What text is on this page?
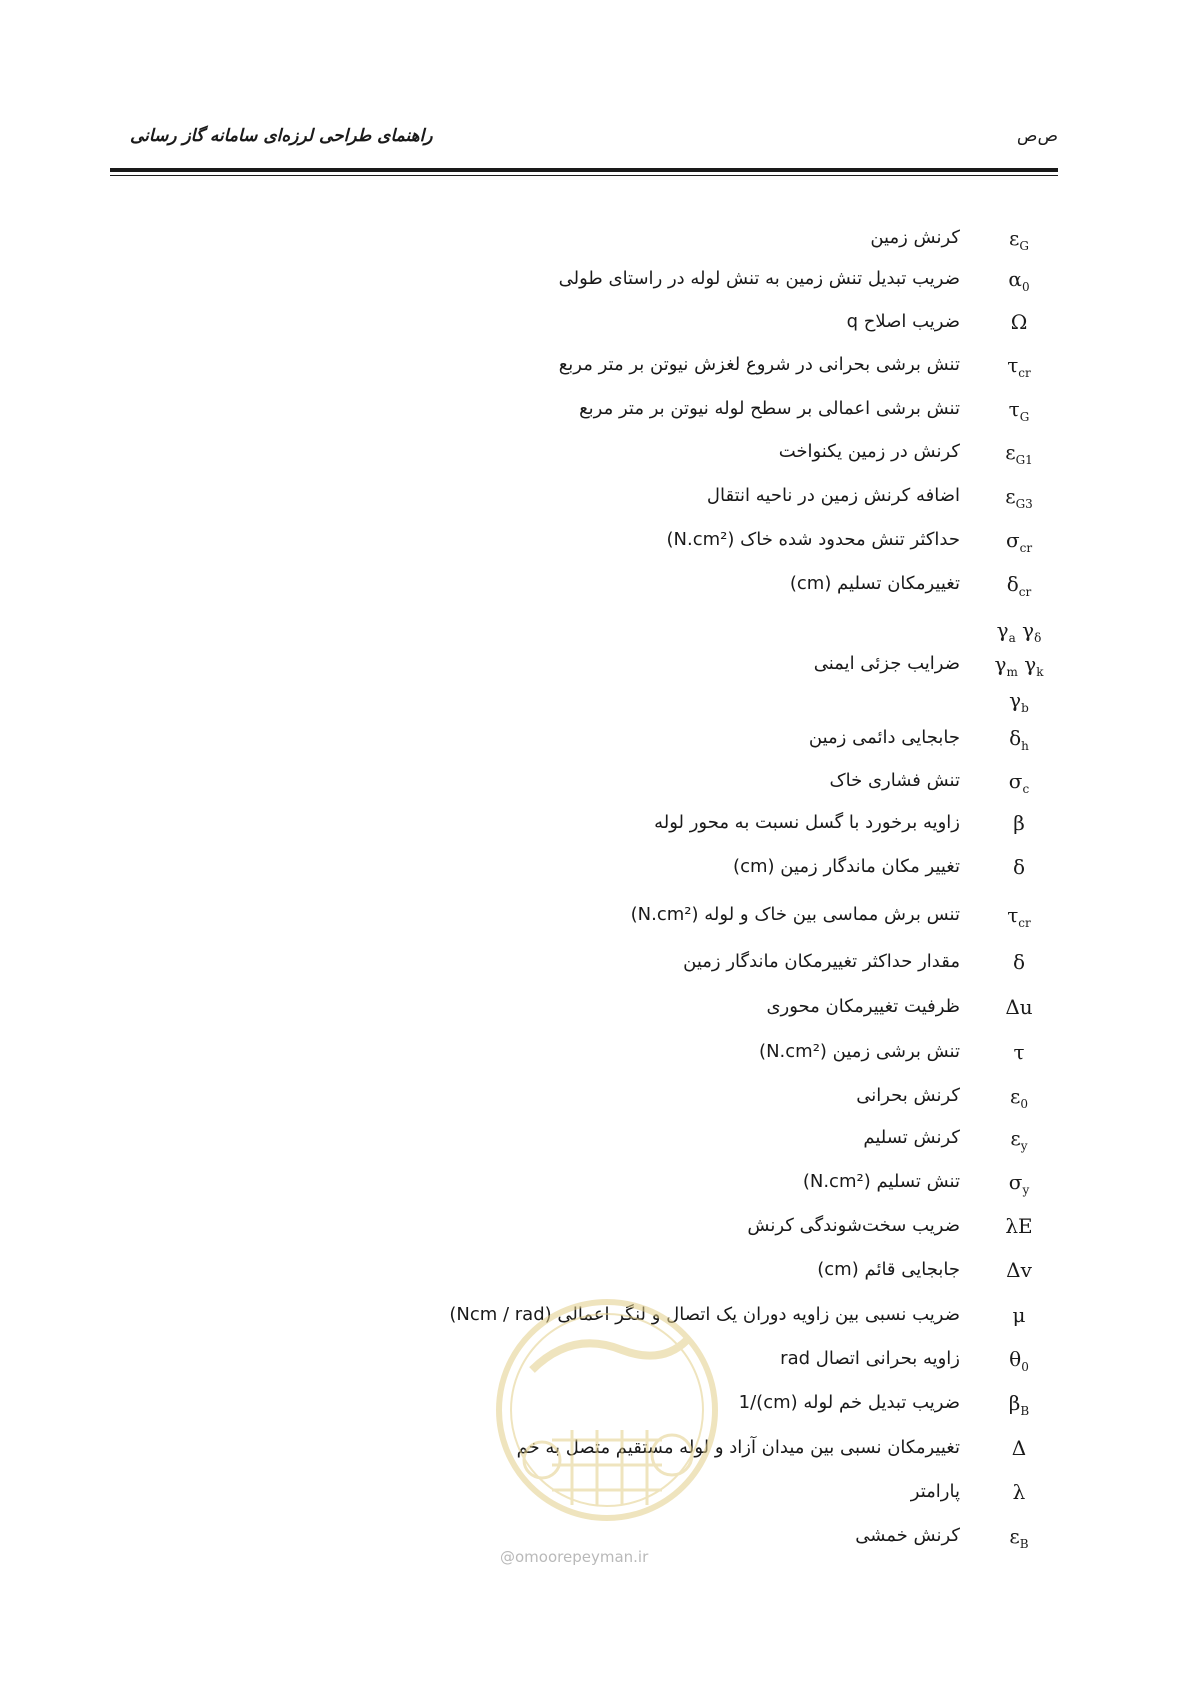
راهنمای طراحی لرزه‌ای سامانه گاز رسانی	ص‌ص
$\varepsilon_G$
کرنش زمین
$\alpha_0$
ضریب تبدیل تنش زمین به تنش لوله در راستای طولی
Ω
ضریب اصلاح q
$\tau_{cr}$
تنش برشی بحرانی در شروع لغزش نیوتن بر متر مربع
$\tau_G$
تنش برشی اعمالی بر سطح لوله نیوتن بر متر مربع
$\varepsilon_{G1}$
کرنش در زمین یکنواخت
$\varepsilon_{G3}$
اضافه کرنش زمین در ناحیه انتقال
$\sigma_{cr}$
حداکثر تنش محدود شده خاک (N.cm²)
$\delta_{cr}$
تغییرمکان تسلیم (cm)
$\gamma_a$ $\gamma_\delta$
$\gamma_m$ $\gamma_k$
ضرایب جزئی ایمنی
$\gamma_b$
$\delta_h$
جابجایی دائمی زمین
$\sigma_c$
تنش فشاری خاک
β
زاویه برخورد با گسل نسبت به محور لوله
δ
تغییر مکان ماندگار زمین (cm)
$\tau_{cr}$
تنس برش مماسی بین خاک و لوله (N.cm²)
δ
مقدار حداکثر تغییرمکان ماندگار زمین
Δu
ظرفیت تغییرمکان محوری
τ
تنش برشی زمین (N.cm²)
$\varepsilon_0$
کرنش بحرانی
$\varepsilon_y$
کرنش تسلیم
$\sigma_y$
تنش تسلیم (N.cm²)
λE
ضریب سخت‌شوندگی کرنش
Δv
جابجایی قائم (cm)
μ
ضریب نسبی بین زاویه دوران یک اتصال و لنگر اعمالی (Ncm / rad)
$\theta_0$
زاویه بحرانی اتصال rad
$\beta_B$
ضریب تبدیل خم لوله (cm)/1
Δ
تغییرمکان نسبی بین میدان آزاد و لوله مستقیم متصل به خم
λ
پارامتر
$\varepsilon_B$
کرنش خمشی
@omoorepeyman.ir
